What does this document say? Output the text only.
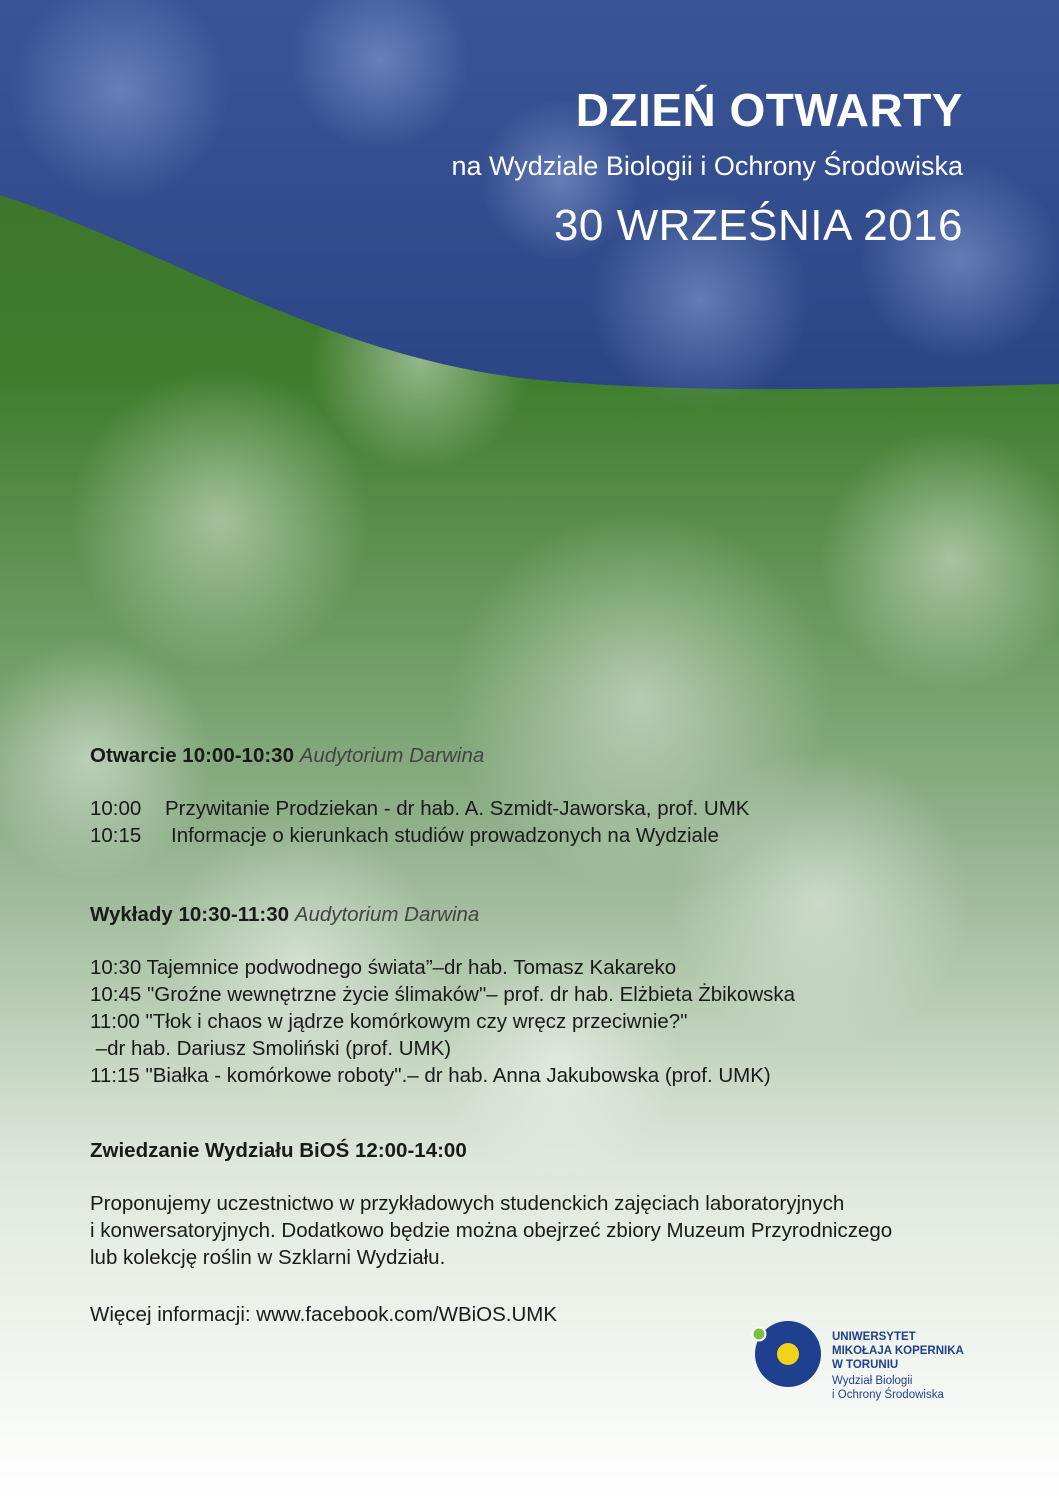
DZIEŃ OTWARTY
na Wydziale Biologii i Ochrony Środowiska
30 WRZEŚNIA 2016
Otwarcie 10:00-10:30 Audytorium Darwina
10:00 Przywitanie Prodziekan - dr hab. A. Szmidt-Jaworska, prof. UMK
10:15 Informacje o kierunkach studiów prowadzonych na Wydziale
Wykłady 10:30-11:30 Audytorium Darwina
10:30 Tajemnice podwodnego świata”–dr hab. Tomasz Kakareko
10:45 "Groźne wewnętrzne życie ślimaków"– prof. dr hab. Elżbieta Żbikowska
11:00 "Tłok i chaos w jądrze komórkowym czy wręcz przeciwnie?"
–dr hab. Dariusz Smoliński (prof. UMK)
11:15 "Białka - komórkowe roboty".– dr hab. Anna Jakubowska (prof. UMK)
Zwiedzanie Wydziału BiOŚ 12:00-14:00
Proponujemy uczestnictwo w przykładowych studenckich zajęciach laboratoryjnych
i konwersatoryjnych. Dodatkowo będzie można obejrzeć zbiory Muzeum Przyrodniczego
lub kolekcję roślin w Szklarni Wydziału.
Więcej informacji: www.facebook.com/WBiOS.UMK
UNIWERSYTET
MIKOŁAJA KOPERNIKA
W TORUNIU
Wydział Biologii
i Ochrony Środowiska
